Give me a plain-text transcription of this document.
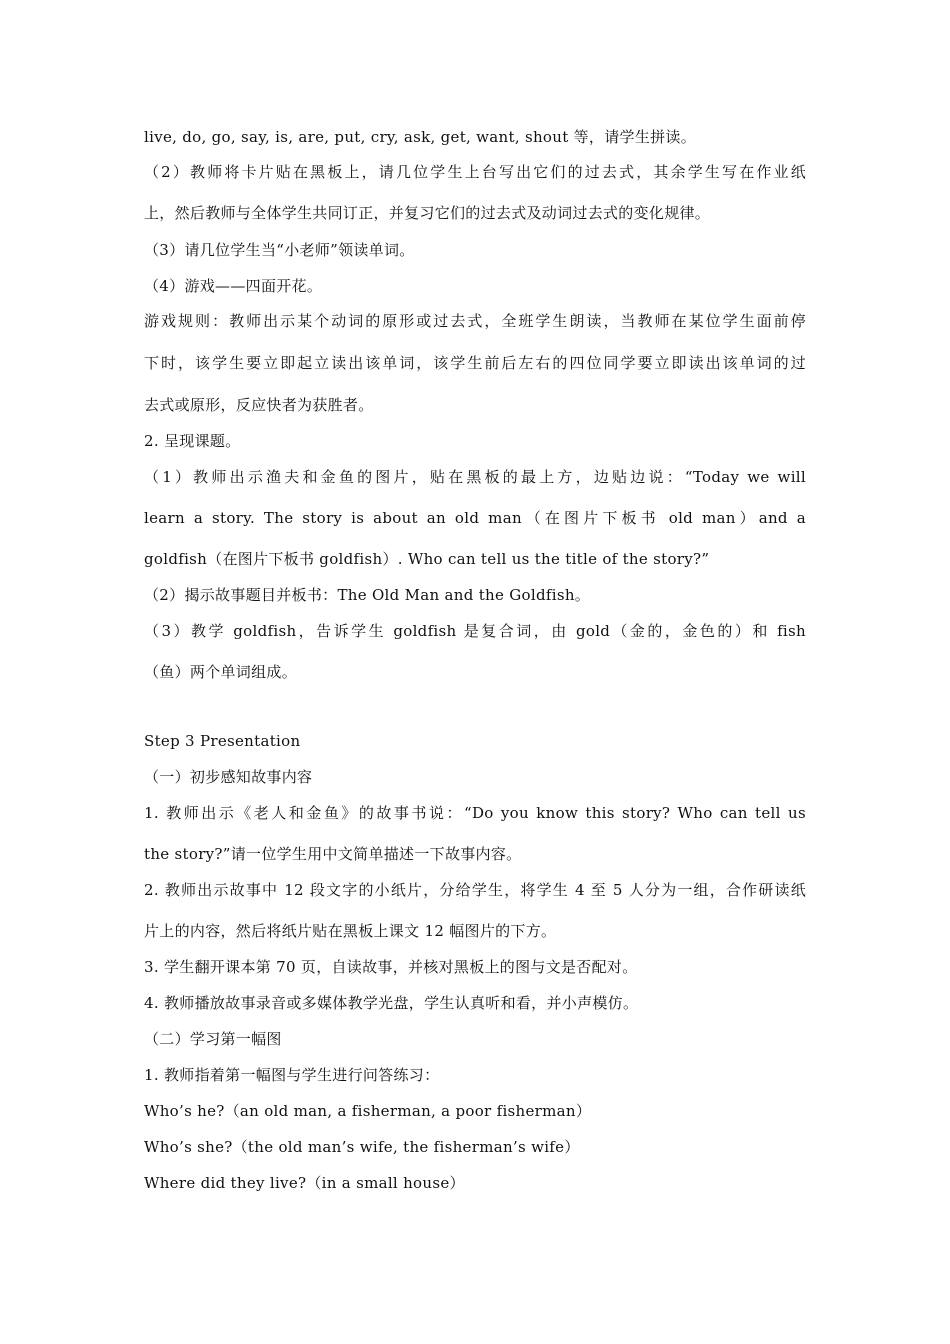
live, do, go, say, is, are, put, cry, ask, get, want, shout 等，请学生拼读。
（2）教师将卡片贴在黑板上，请几位学生上台写出它们的过去式，其余学生写在作业纸
上，然后教师与全体学生共同订正，并复习它们的过去式及动词过去式的变化规律。
（3）请几位学生当“小老师”领读单词。
（4）游戏——四面开花。
游戏规则：教师出示某个动词的原形或过去式，全班学生朗读，当教师在某位学生面前停
下时，该学生要立即起立读出该单词，该学生前后左右的四位同学要立即读出该单词的过
去式或原形，反应快者为获胜者。
2. 呈现课题。
（1）教师出示渔夫和金鱼的图片，贴在黑板的最上方，边贴边说：“Today we will
learn a story. The story is about an old man（在图片下板书 old man）and a
goldfish（在图片下板书 goldfish）. Who can tell us the title of the story?”
（2）揭示故事题目并板书：The Old Man and the Goldfish。
（3）教学 goldfish，告诉学生 goldfish 是复合词，由 gold（金的，金色的）和 fish
（鱼）两个单词组成。
Step 3 Presentation
（一）初步感知故事内容
1. 教师出示《老人和金鱼》的故事书说：“Do you know this story? Who can tell us
the story?”请一位学生用中文简单描述一下故事内容。
2. 教师出示故事中 12 段文字的小纸片，分给学生，将学生 4 至 5 人分为一组，合作研读纸
片上的内容，然后将纸片贴在黑板上课文 12 幅图片的下方。
3. 学生翻开课本第 70 页，自读故事，并核对黑板上的图与文是否配对。
4. 教师播放故事录音或多媒体教学光盘，学生认真听和看，并小声模仿。
（二）学习第一幅图
1. 教师指着第一幅图与学生进行问答练习：
Who’s he?（an old man, a fisherman, a poor fisherman）
Who’s she?（the old man’s wife, the fisherman’s wife）
Where did they live?（in a small house）
